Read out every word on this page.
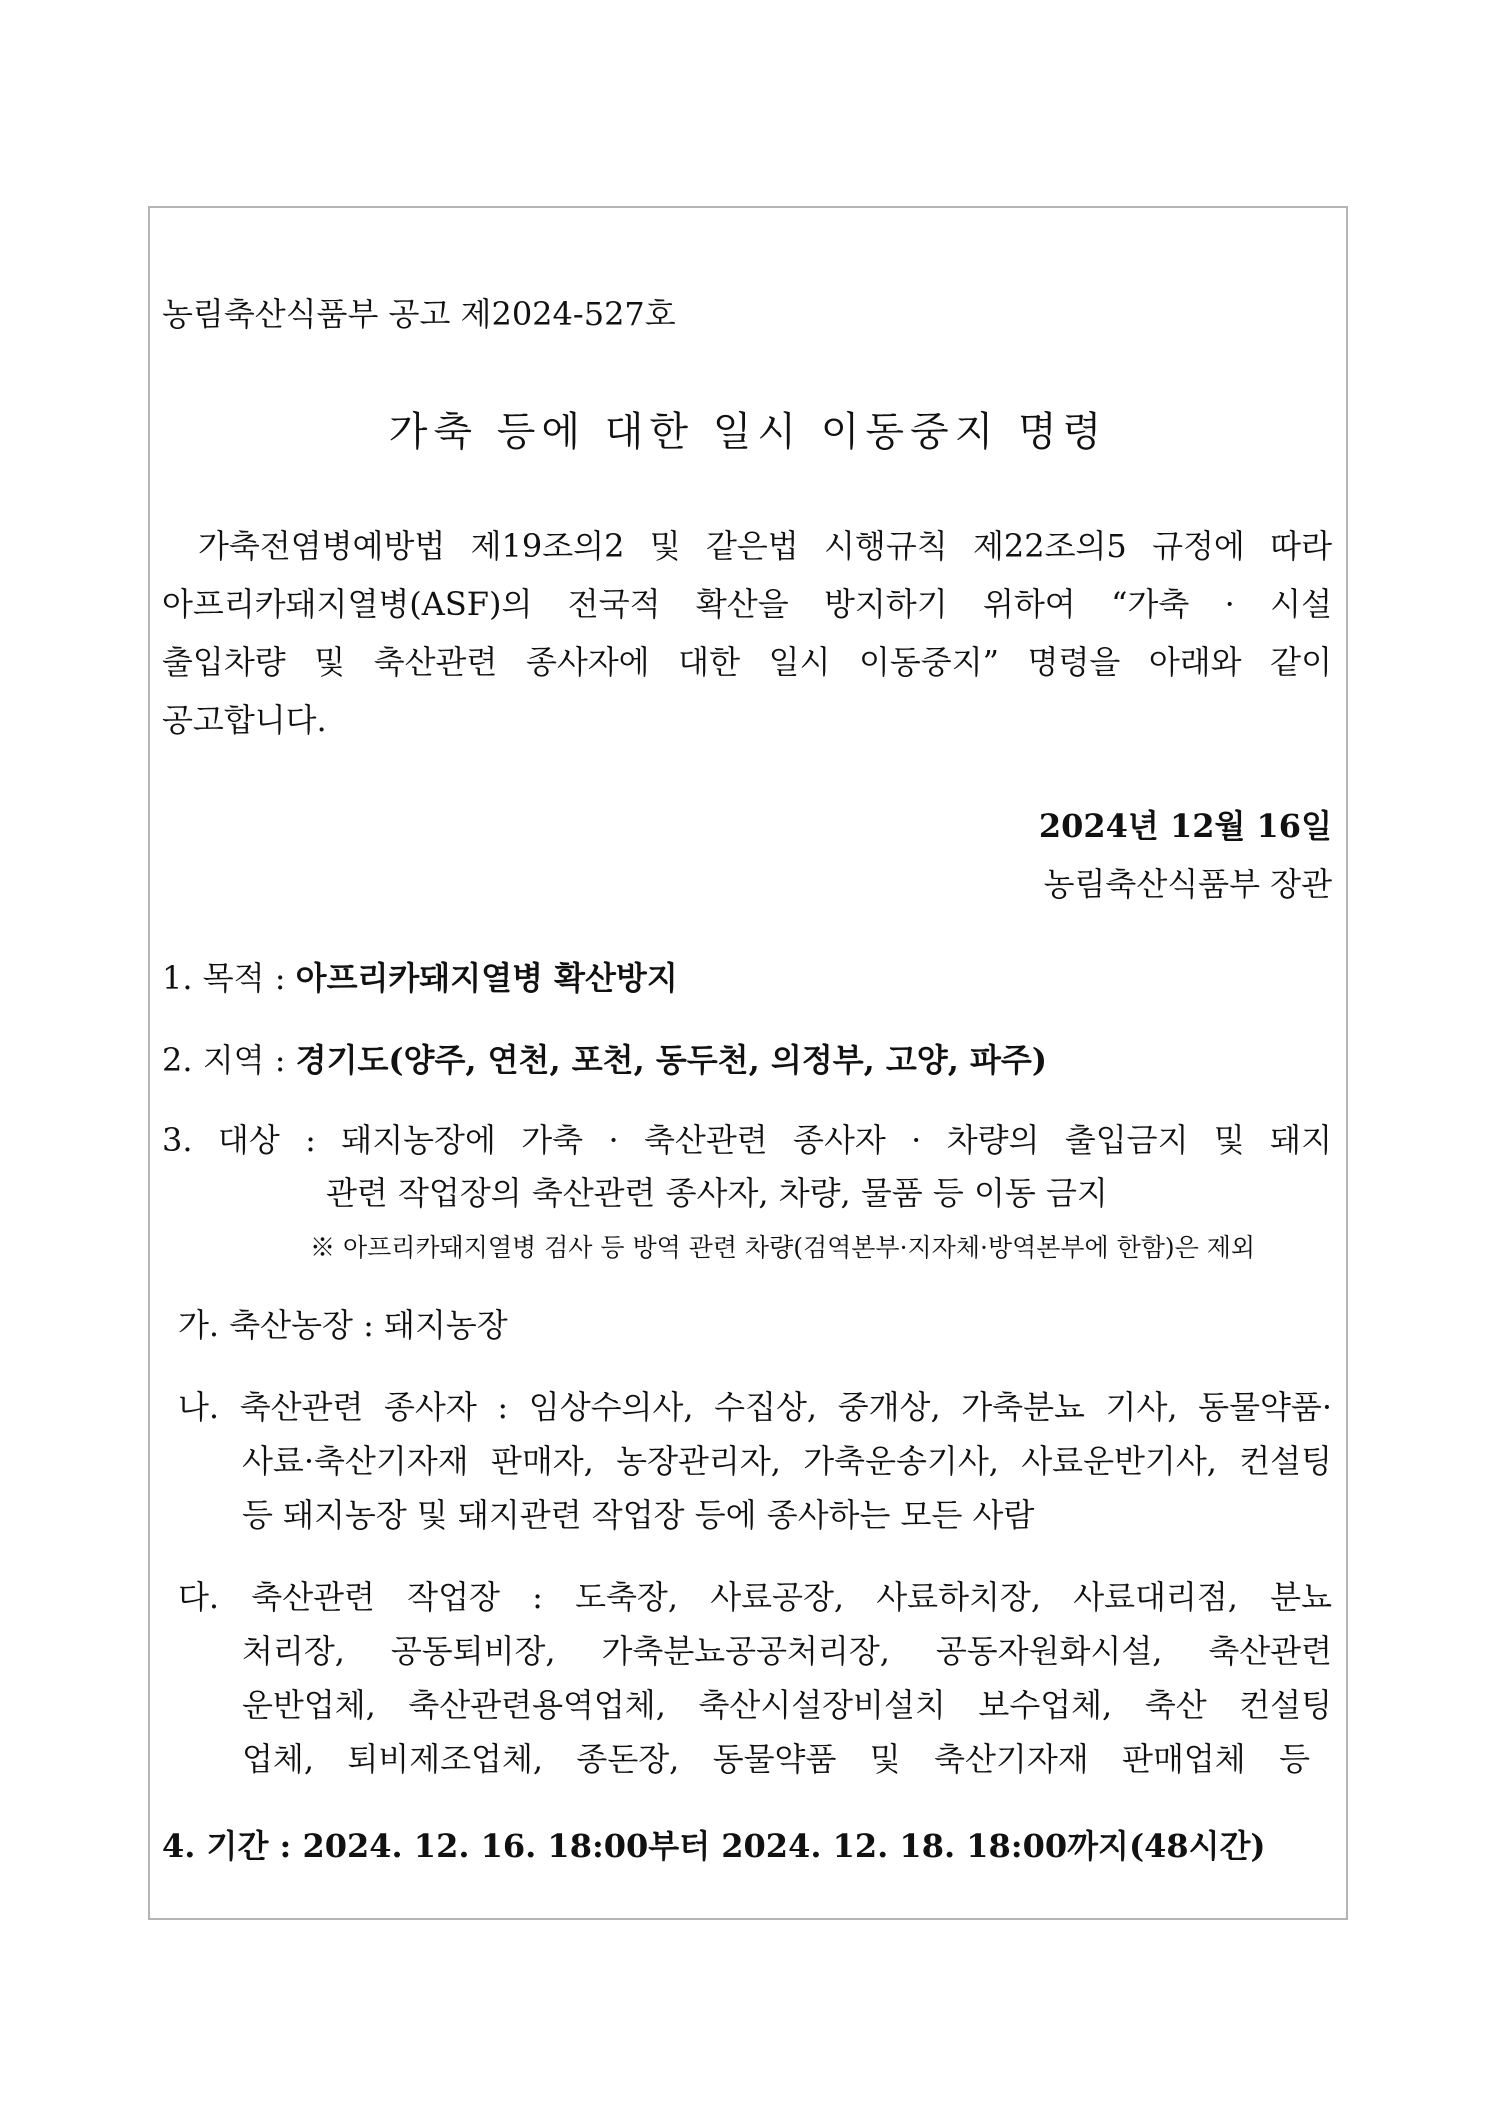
농림축산식품부 공고 제2024-527호
가축 등에 대한 일시 이동중지 명령
가축전염병예방법 제19조의2 및 같은법 시행규칙 제22조의5 규정에 따라
아프리카돼지열병(ASF)의 전국적 확산을 방지하기 위하여 “가축 · 시설
출입차량 및 축산관련 종사자에 대한 일시 이동중지” 명령을 아래와 같이
공고합니다.
2024년 12월 16일
농림축산식품부 장관
1. 목적 : 아프리카돼지열병 확산방지
2. 지역 : 경기도(양주, 연천, 포천, 동두천, 의정부, 고양, 파주)
3. 대상 : 돼지농장에 가축 · 축산관련 종사자 · 차량의 출입금지 및 돼지
관련 작업장의 축산관련 종사자, 차량, 물품 등 이동 금지
※ 아프리카돼지열병 검사 등 방역 관련 차량(검역본부·지자체·방역본부에 한함)은 제외
가. 축산농장 : 돼지농장
나. 축산관련 종사자 : 임상수의사, 수집상, 중개상, 가축분뇨 기사, 동물약품·
사료·축산기자재 판매자, 농장관리자, 가축운송기사, 사료운반기사, 컨설팅
등 돼지농장 및 돼지관련 작업장 등에 종사하는 모든 사람
다. 축산관련 작업장 : 도축장, 사료공장, 사료하치장, 사료대리점, 분뇨
처리장, 공동퇴비장, 가축분뇨공공처리장, 공동자원화시설, 축산관련
운반업체, 축산관련용역업체, 축산시설장비설치 보수업체, 축산 컨설팅
업체, 퇴비제조업체, 종돈장, 동물약품 및 축산기자재 판매업체 등
4. 기간 : 2024. 12. 16. 18:00부터 2024. 12. 18. 18:00까지(48시간)
